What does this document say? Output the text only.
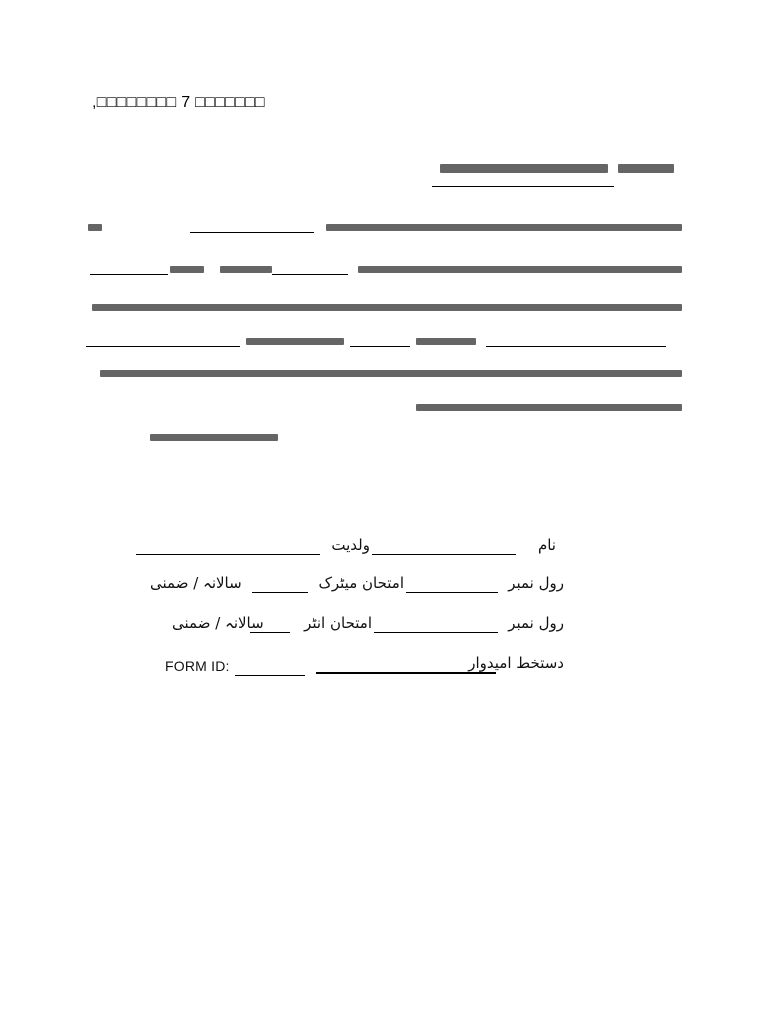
,□□□□□□□□ 7 □□□□□□□
نام
ولدیت
رول نمبر
امتحان میٹرک
سالانہ / ضمنی
رول نمبر
امتحان انٹر
سالانہ / ضمنی
دستخط امیدوار
FORM ID:
